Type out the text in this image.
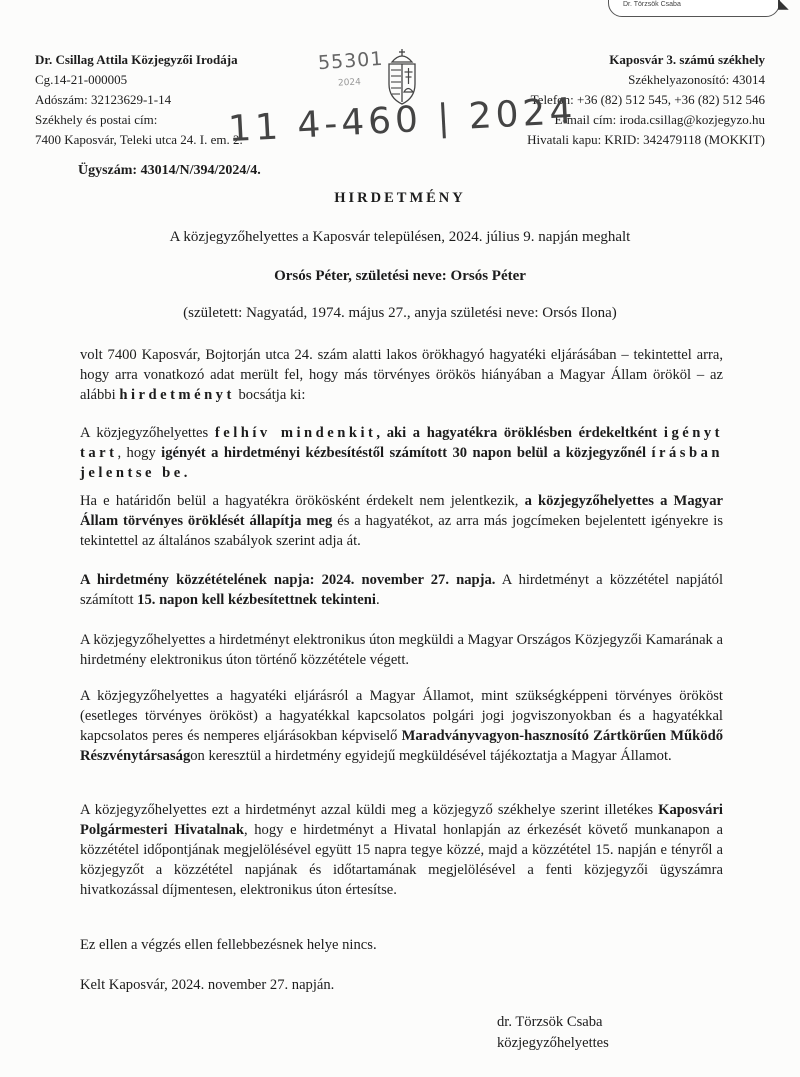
Dr. Törzsök Csaba	◣
Dr. Csillag Attila Közjegyzői Irodája
Cg.14-21-000005
Adószám: 32123629-1-14
Székhely és postai cím:
7400 Kaposvár, Teleki utca 24. I. em. 2.
Kaposvár 3. számú székhely
Székhelyazonosító: 43014
Telefon: +36 (82) 512 545, +36 (82) 512 546
E-mail cím: iroda.csillag@kozjegyzo.hu
Hivatali kapu: KRID: 342479118 (MOKKIT)
55301
2024
11 4-460 | 2024
Ügyszám: 43014/N/394/2024/4.
HIRDETMÉNY
A közjegyzőhelyettes a Kaposvár településen, 2024. július 9. napján meghalt
Orsós Péter, születési neve: Orsós Péter
(született: Nagyatád, 1974. május 27., anyja születési neve: Orsós Ilona)
volt 7400 Kaposvár, Bojtorján utca 24. szám alatti lakos örökhagyó hagyatéki eljárásában – tekintettel arra, hogy arra vonatkozó adat merült fel, hogy más törvényes örökös hiányában a Magyar Állam örököl – az alábbi hirdetményt bocsátja ki:
A közjegyzőhelyettes felhív mindenkit, aki a hagyatékra öröklésben érdekeltként igényt tart, hogy igényét a hirdetményi kézbesítéstől számított 30 napon belül a közjegyzőnél írásban jelentse be.
Ha e határidőn belül a hagyatékra örökösként érdekelt nem jelentkezik, a közjegyzőhelyettes a Magyar Állam törvényes öröklését állapítja meg és a hagyatékot, az arra más jogcímeken bejelentett igényekre is tekintettel az általános szabályok szerint adja át.
A hirdetmény közzétételének napja: 2024. november 27. napja. A hirdetményt a közzététel napjától számított 15. napon kell kézbesítettnek tekinteni.
A közjegyzőhelyettes a hirdetményt elektronikus úton megküldi a Magyar Országos Közjegyzői Kamarának a hirdetmény elektronikus úton történő közzététele végett.
A közjegyzőhelyettes a hagyatéki eljárásról a Magyar Államot, mint szükségképpeni törvényes örököst (esetleges törvényes örököst) a hagyatékkal kapcsolatos polgári jogi jogviszonyokban és a hagyatékkal kapcsolatos peres és nemperes eljárásokban képviselő Maradványvagyon-hasznosító Zártkörűen Működő Részvénytársaságon keresztül a hirdetmény egyidejű megküldésével tájékoztatja a Magyar Államot.
A közjegyzőhelyettes ezt a hirdetményt azzal küldi meg a közjegyző székhelye szerint illetékes Kaposvári Polgármesteri Hivatalnak, hogy e hirdetményt a Hivatal honlapján az érkezését követő munkanapon a közzététel időpontjának megjelölésével együtt 15 napra tegye közzé, majd a közzététel 15. napján e tényről a közjegyzőt a közzététel napjának és időtartamának megjelölésével a fenti közjegyzői ügyszámra hivatkozással díjmentesen, elektronikus úton értesítse.
Ez ellen a végzés ellen fellebbezésnek helye nincs.
Kelt Kaposvár, 2024. november 27. napján.
dr. Törzsök Csaba
közjegyzőhelyettes
